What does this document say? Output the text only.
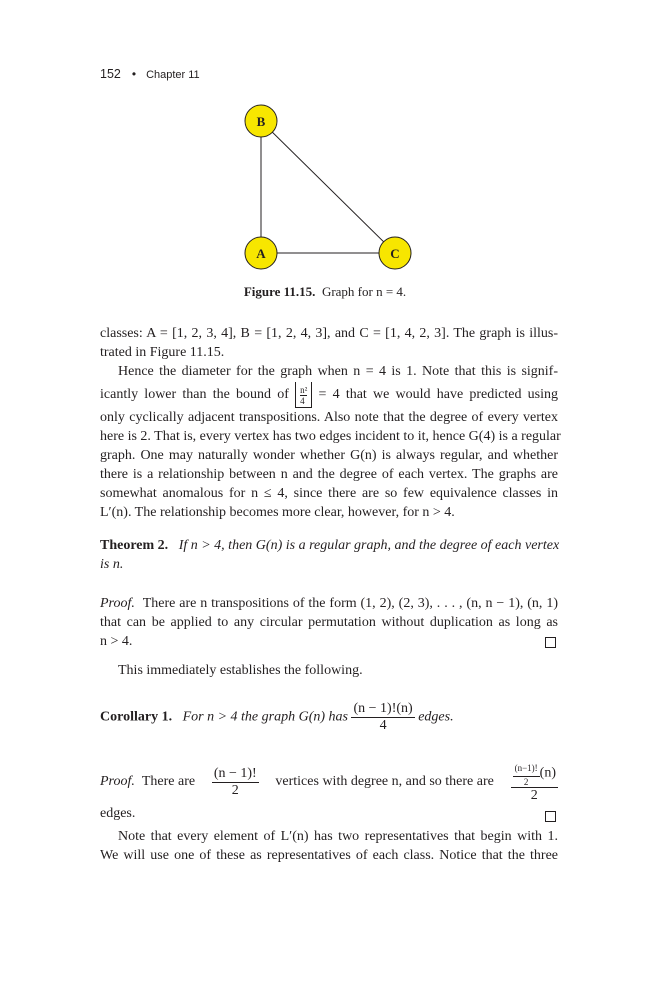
152 • Chapter 11
B
A	C
Figure 11.15. Graph for n = 4.
classes: A = [1, 2, 3, 4], B = [1, 2, 4, 3], and C = [1, 4, 2, 3]. The graph is illus-
trated in Figure 11.15.
Hence the diameter for the graph when n = 4 is 1. Note that this is signif-
icantly lower than the bound of $\frac{\text{n²}}{4} = 4$ that we would have predicted using
only cyclically adjacent transpositions. Also note that the degree of every vertex
here is 2. That is, every vertex has two edges incident to it, hence G(4) is a regular
graph. One may naturally wonder whether G(n) is always regular, and whether
there is a relationship between n and the degree of each vertex. The graphs are
somewhat anomalous for n ≤ 4, since there are so few equivalence classes in
L′(n). The relationship becomes more clear, however, for n > 4.
Theorem 2. If n > 4, then G(n) is a regular graph, and the degree of each vertex
is n.
Proof. There are n transpositions of the form (1, 2), (2, 3), . . . , (n, n − 1), (n, 1)
that can be applied to any circular permutation without duplication as long as
n > 4.
This immediately establishes the following.
Corollary 1. For n > 4 the graph G(n) has $\frac{(n - 1)!(n)}{4}$ edges.
Proof. There are $\frac{(n - 1)!}{2}$ vertices with degree n, and so there are $\frac{\frac{(n-1)!}{2}(n)}{2}$
edges.
Note that every element of L′(n) has two representatives that begin with 1.
We will use one of these as representatives of each class. Notice that the three
